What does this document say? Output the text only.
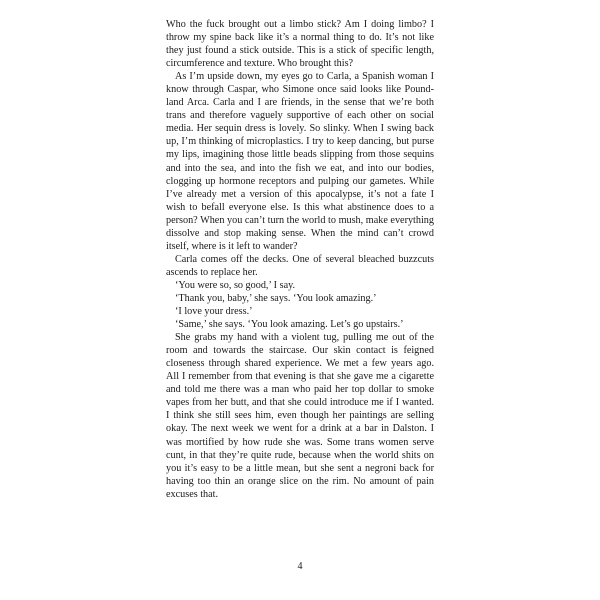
Who the fuck brought out a limbo stick? Am I doing limbo? I throw my spine back like it’s a normal thing to do. It’s not like they just found a stick outside. This is a stick of specific length, circumference and texture. Who brought this?

As I’m upside down, my eyes go to Carla, a Spanish woman I know through Caspar, who Simone once said looks like Poundland Arca. Carla and I are friends, in the sense that we’re both trans and therefore vaguely supportive of each other on social media. Her sequin dress is lovely. So slinky. When I swing back up, I’m thinking of microplastics. I try to keep dancing, but purse my lips, imagining those little beads slipping from those sequins and into the sea, and into the fish we eat, and into our bodies, clogging up hormone receptors and pulping our gametes. While I’ve already met a version of this apocalypse, it’s not a fate I wish to befall everyone else. Is this what abstinence does to a person? When you can’t turn the world to mush, make everything dissolve and stop making sense. When the mind can’t crowd itself, where is it left to wander?

Carla comes off the decks. One of several bleached buzzcuts ascends to replace her.

‘You were so, so good,’ I say.

‘Thank you, baby,’ she says. ‘You look amazing.’

‘I love your dress.’

‘Same,’ she says. ‘You look amazing. Let’s go upstairs.’

She grabs my hand with a violent tug, pulling me out of the room and towards the staircase. Our skin contact is feigned closeness through shared experience. We met a few years ago. All I remember from that evening is that she gave me a cigarette and told me there was a man who paid her top dollar to smoke vapes from her butt, and that she could introduce me if I wanted. I think she still sees him, even though her paintings are selling okay. The next week we went for a drink at a bar in Dalston. I was mortified by how rude she was. Some trans women serve cunt, in that they’re quite rude, because when the world shits on you it’s easy to be a little mean, but she sent a negroni back for having too thin an orange slice on the rim. No amount of pain excuses that.

4
